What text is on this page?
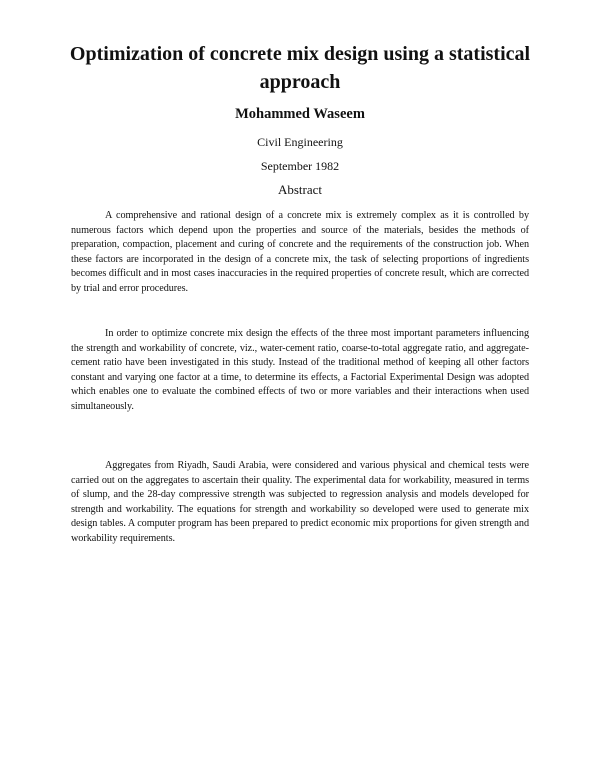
Optimization of concrete mix design using a statistical approach
Mohammed Waseem
Civil Engineering
September 1982
Abstract

A comprehensive and rational design of a concrete mix is extremely complex as it is controlled by numerous factors which depend upon the properties and source of the materials, besides the methods of preparation, compaction, placement and curing of concrete and the requirements of the construction job. When these factors are incorporated in the design of a concrete mix, the task of selecting proportions of ingredients becomes difficult and in most cases inaccuracies in the required properties of concrete result, which are corrected by trial and error procedures.

In order to optimize concrete mix design the effects of the three most important parameters influencing the strength and workability of concrete, viz., water-cement ratio, coarse-to-total aggregate ratio, and aggregate-cement ratio have been investigated in this study. Instead of the traditional method of keeping all other factors constant and varying one factor at a time, to determine its effects, a Factorial Experimental Design was adopted which enables one to evaluate the combined effects of two or more variables and their interactions when used simultaneously.

Aggregates from Riyadh, Saudi Arabia, were considered and various physical and chemical tests were carried out on the aggregates to ascertain their quality. The experimental data for workability, measured in terms of slump, and the 28-day compressive strength was subjected to regression analysis and models developed for strength and workability. The equations for strength and workability so developed were used to generate mix design tables. A computer program has been prepared to predict economic mix proportions for given strength and workability requirements.
